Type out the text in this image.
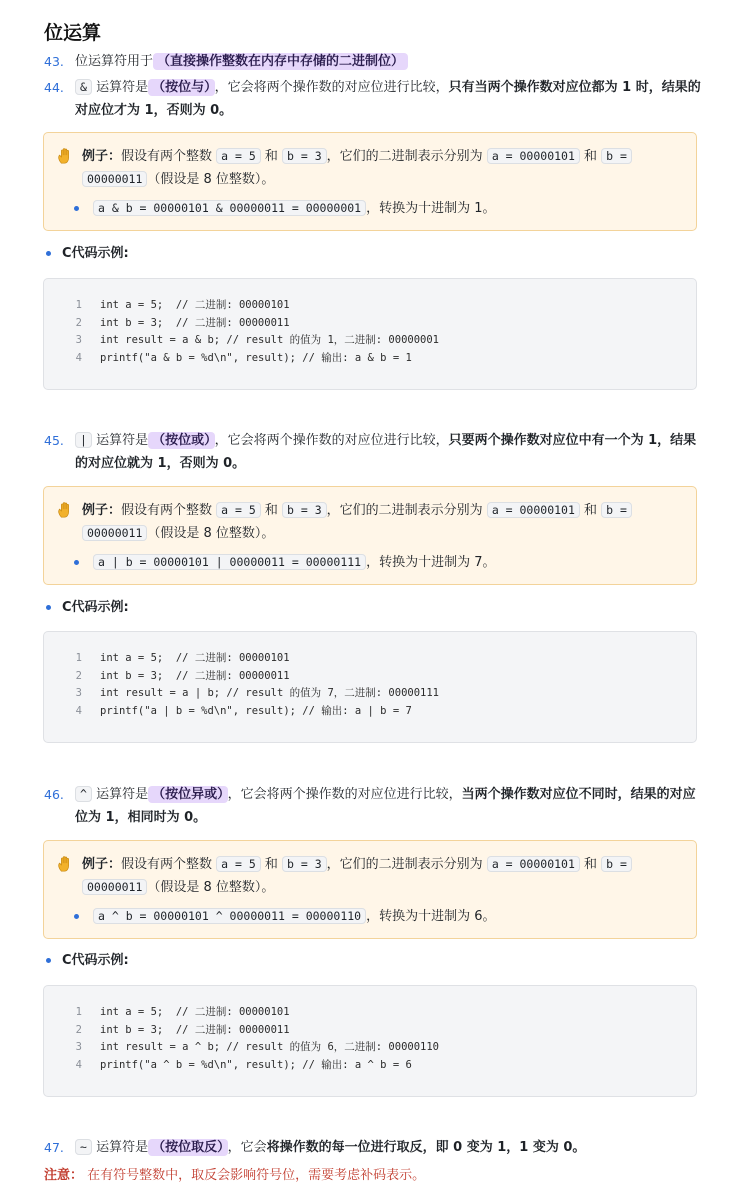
位运算
43. 位运算符用于 （直接操作整数在内存中存储的二进制位）
44.	& 运算符是 （按位与） ，它会将两个操作数的对应位进行比较，只有当两个操作数对应位都为 1 时，结果的对应位才为 1，否则为 0。
例子：假设有两个整数 a = 5 和 b = 3 ，它们的二进制表示分别为 a = 00000101 和 b =
00000011 （假设是 8 位整数）。
a & b = 00000101 & 00000011 = 00000001 ，转换为十进制为 1。
C代码示例:
1 int a = 5;  // 二进制: 00000101
2 int b = 3;  // 二进制: 00000011
3 int result = a & b; // result 的值为 1，二进制: 00000001
4 printf("a & b = %d\n", result); // 输出: a & b = 1
45.	| 运算符是 （按位或） ，它会将两个操作数的对应位进行比较，只要两个操作数对应位中有一个为 1，结果的对应位就为 1，否则为 0。
例子：假设有两个整数 a = 5 和 b = 3 ，它们的二进制表示分别为 a = 00000101 和 b =
00000011 （假设是 8 位整数）。
a | b = 00000101 | 00000011 = 00000111 ，转换为十进制为 7。
C代码示例:
1 int a = 5;  // 二进制: 00000101
2 int b = 3;  // 二进制: 00000011
3 int result = a | b; // result 的值为 7，二进制: 00000111
4 printf("a | b = %d\n", result); // 输出: a | b = 7
46.	^ 运算符是 （按位异或） ，它会将两个操作数的对应位进行比较，当两个操作数对应位不同时，结果的对应位为 1，相同时为 0。
例子：假设有两个整数 a = 5 和 b = 3 ，它们的二进制表示分别为 a = 00000101 和 b =
00000011 （假设是 8 位整数）。
a ^ b = 00000101 ^ 00000011 = 00000110 ，转换为十进制为 6。
C代码示例:
1 int a = 5;  // 二进制: 00000101
2 int b = 3;  // 二进制: 00000011
3 int result = a ^ b; // result 的值为 6，二进制: 00000110
4 printf("a ^ b = %d\n", result); // 输出: a ^ b = 6
47.	~ 运算符是 （按位取反） ，它会将操作数的每一位进行取反，即 0 变为 1，1 变为 0。
注意： 在有符号整数中，取反会影响符号位，需要考虑补码表示。
